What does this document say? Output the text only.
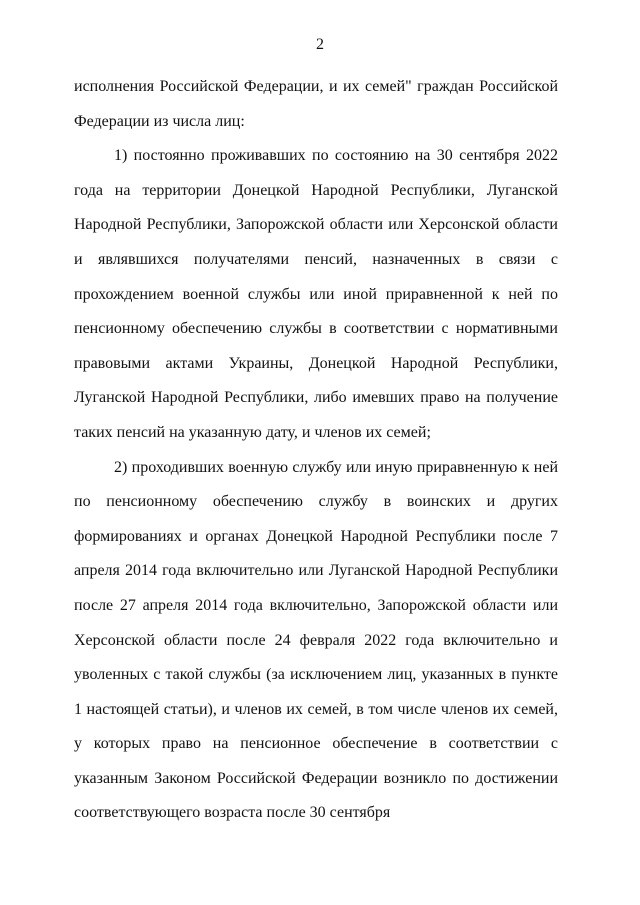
2

исполнения Российской Федерации, и их семей" граждан Российской Федерации из числа лиц:

1) постоянно проживавших по состоянию на 30 сентября 2022 года на территории Донецкой Народной Республики, Луганской Народной Республики, Запорожской области или Херсонской области и являвшихся получателями пенсий, назначенных в связи с прохождением военной службы или иной приравненной к ней по пенсионному обеспечению службы в соответствии с нормативными правовыми актами Украины, Донецкой Народной Республики, Луганской Народной Республики, либо имевших право на получение таких пенсий на указанную дату, и членов их семей;

2) проходивших военную службу или иную приравненную к ней по пенсионному обеспечению службу в воинских и других формированиях и органах Донецкой Народной Республики после 7 апреля 2014 года включительно или Луганской Народной Республики после 27 апреля 2014 года включительно, Запорожской области или Херсонской области после 24 февраля 2022 года включительно и уволенных с такой службы (за исключением лиц, указанных в пункте 1 настоящей статьи), и членов их семей, в том числе членов их семей, у которых право на пенсионное обеспечение в соответствии с указанным Законом Российской Федерации возникло по достижении соответствующего возраста после 30 сентября
